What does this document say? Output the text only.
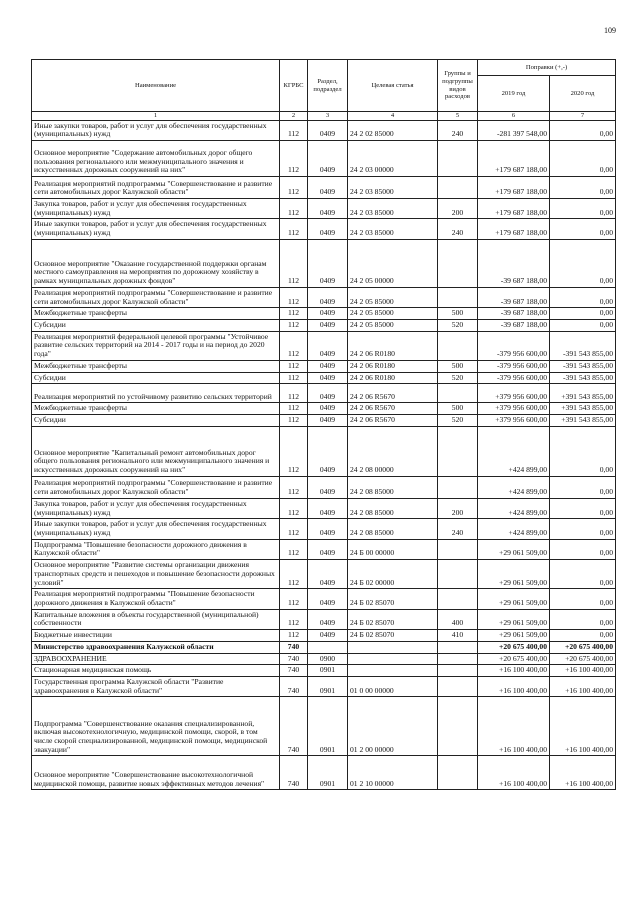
109
Наименование	КГРБС	Раздел, подраздел	Целевая статья	Группы и подгруппы видов расходов	Поправки (+,-)	
					2019 год	2020 год
1	2	3	4	5	6	7
Иные закупки товаров, работ и услуг для обеспечения государственных (муниципальных) нужд	112	0409	24 2 02 85000	240	-281 397 548,00	0,00
Основное мероприятие "Содержание автомобильных дорог общего пользования регионального или межмуниципального значения и искусственных дорожных сооружений на них"	112	0409	24 2 03 00000		+179 687 188,00	0,00
Реализация мероприятий подпрограммы "Совершенствование и развитие сети автомобильных дорог Калужской области"	112	0409	24 2 03 85000		+179 687 188,00	0,00
Закупка товаров, работ и услуг для обеспечения государственных (муниципальных) нужд	112	0409	24 2 03 85000	200	+179 687 188,00	0,00
Иные закупки товаров, работ и услуг для обеспечения государственных (муниципальных) нужд	112	0409	24 2 03 85000	240	+179 687 188,00	0,00
Основное мероприятие "Оказание государственной поддержки органам местного самоуправления на мероприятия по дорожному хозяйству в рамках муниципальных дорожных фондов"	112	0409	24 2 05 00000		-39 687 188,00	0,00
Реализация мероприятий подпрограммы "Совершенствование и развитие сети автомобильных дорог Калужской области"	112	0409	24 2 05 85000		-39 687 188,00	0,00
Межбюджетные трансферты	112	0409	24 2 05 85000	500	-39 687 188,00	0,00
Субсидии	112	0409	24 2 05 85000	520	-39 687 188,00	0,00
Реализация мероприятий федеральной целевой программы "Устойчивое развитие сельских территорий на 2014 - 2017 годы и на период до 2020 года"	112	0409	24 2 06 R0180		-379 956 600,00	-391 543 855,00
Межбюджетные трансферты	112	0409	24 2 06 R0180	500	-379 956 600,00	-391 543 855,00
Субсидии	112	0409	24 2 06 R0180	520	-379 956 600,00	-391 543 855,00
Реализация мероприятий по устойчивому развитию сельских территорий	112	0409	24 2 06 R5670		+379 956 600,00	+391 543 855,00
Межбюджетные трансферты	112	0409	24 2 06 R5670	500	+379 956 600,00	+391 543 855,00
Субсидии	112	0409	24 2 06 R5670	520	+379 956 600,00	+391 543 855,00
Основное мероприятие "Капитальный ремонт автомобильных дорог общего пользования регионального или межмуниципального значения и искусственных дорожных сооружений на них"	112	0409	24 2 08 00000		+424 899,00	0,00
Реализация мероприятий подпрограммы "Совершенствование и развитие сети автомобильных дорог Калужской области"	112	0409	24 2 08 85000		+424 899,00	0,00
Закупка товаров, работ и услуг для обеспечения государственных (муниципальных) нужд	112	0409	24 2 08 85000	200	+424 899,00	0,00
Иные закупки товаров, работ и услуг для обеспечения государственных (муниципальных) нужд	112	0409	24 2 08 85000	240	+424 899,00	0,00
Подпрограмма "Повышение безопасности дорожного движения в Калужской области"	112	0409	24 Б 00 00000		+29 061 509,00	0,00
Основное мероприятие "Развитие системы организации движения транспортных средств и пешеходов и повышение безопасности дорожных условий"	112	0409	24 Б 02 00000		+29 061 509,00	0,00
Реализация мероприятий подпрограммы "Повышение безопасности дорожного движения в Калужской области"	112	0409	24 Б 02 85070		+29 061 509,00	0,00
Капитальные вложения в объекты государственной (муниципальной) собственности	112	0409	24 Б 02 85070	400	+29 061 509,00	0,00
Бюджетные инвестиции	112	0409	24 Б 02 85070	410	+29 061 509,00	0,00
Министерство здравоохранения Калужской области	740				+20 675 400,00	+20 675 400,00
ЗДРАВООХРАНЕНИЕ	740	0900			+20 675 400,00	+20 675 400,00
Стационарная медицинская помощь	740	0901			+16 100 400,00	+16 100 400,00
Государственная программа Калужской области "Развитие здравоохранения в Калужской области"	740	0901	01 0 00 00000		+16 100 400,00	+16 100 400,00
Подпрограмма "Совершенствование оказания специализированной, включая высокотехнологичную, медицинской помощи, скорой, в том числе скорой специализированной, медицинской помощи, медицинской эвакуации"	740	0901	01 2 00 00000		+16 100 400,00	+16 100 400,00
Основное мероприятие "Совершенствование высокотехнологичной медицинской помощи, развитие новых эффективных методов лечения"	740	0901	01 2 10 00000		+16 100 400,00	+16 100 400,00
